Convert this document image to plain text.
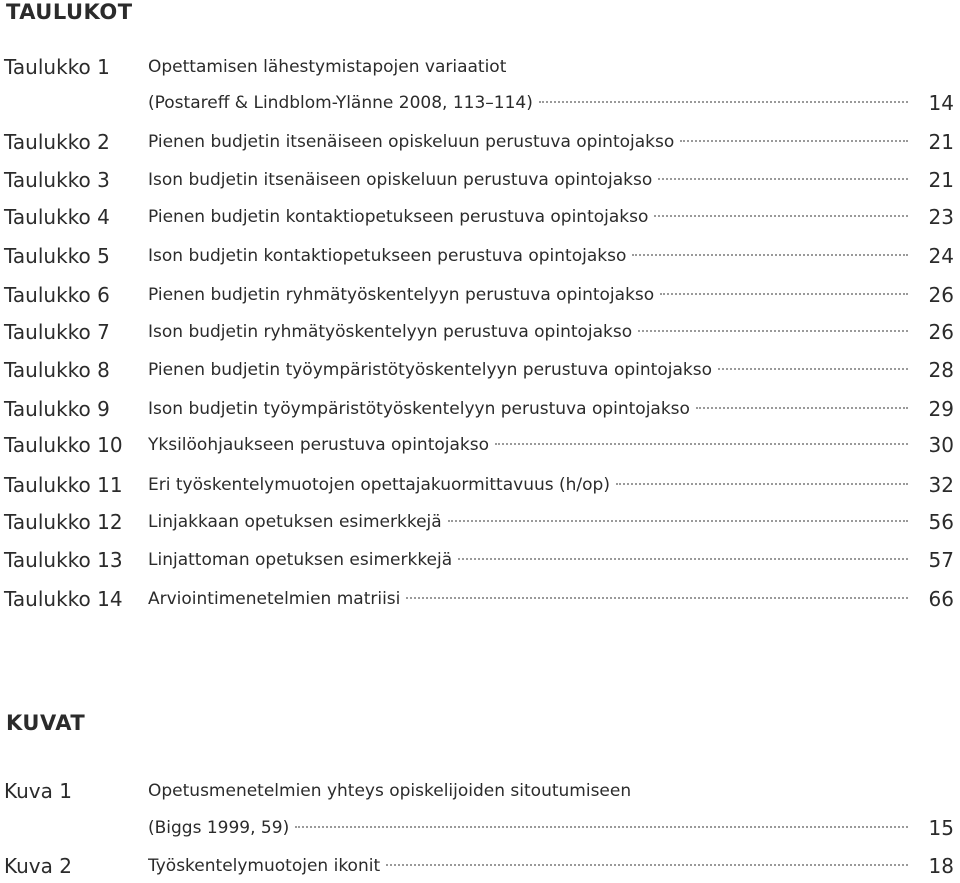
TAULUKOT
Taulukko 1 Opettamisen lähestymistapojen variaatiot
(Postareff & Lindblom-Ylänne 2008, 113–114)	14
Taulukko 2 Pienen budjetin itsenäiseen opiskeluun perustuva opintojakso	21
Taulukko 3 Ison budjetin itsenäiseen opiskeluun perustuva opintojakso	21
Taulukko 4 Pienen budjetin kontaktiopetukseen perustuva opintojakso	23
Taulukko 5 Ison budjetin kontaktiopetukseen perustuva opintojakso	24
Taulukko 6 Pienen budjetin ryhmätyöskentelyyn perustuva opintojakso	26
Taulukko 7 Ison budjetin ryhmätyöskentelyyn perustuva opintojakso	26
Taulukko 8 Pienen budjetin työympäristötyöskentelyyn perustuva opintojakso	28
Taulukko 9 Ison budjetin työympäristötyöskentelyyn perustuva opintojakso	29
Taulukko 10 Yksilöohjaukseen perustuva opintojakso	30
Taulukko 11 Eri työskentelymuotojen opettajakuormittavuus (h/op)	32
Taulukko 12 Linjakkaan opetuksen esimerkkejä	56
Taulukko 13 Linjattoman opetuksen esimerkkejä	57
Taulukko 14 Arviointimenetelmien matriisi	66
KUVAT
Kuva 1	Opetusmenetelmien yhteys opiskelijoiden sitoutumiseen
(Biggs 1999, 59)	15
Kuva 2	Työskentelymuotojen ikonit	18
